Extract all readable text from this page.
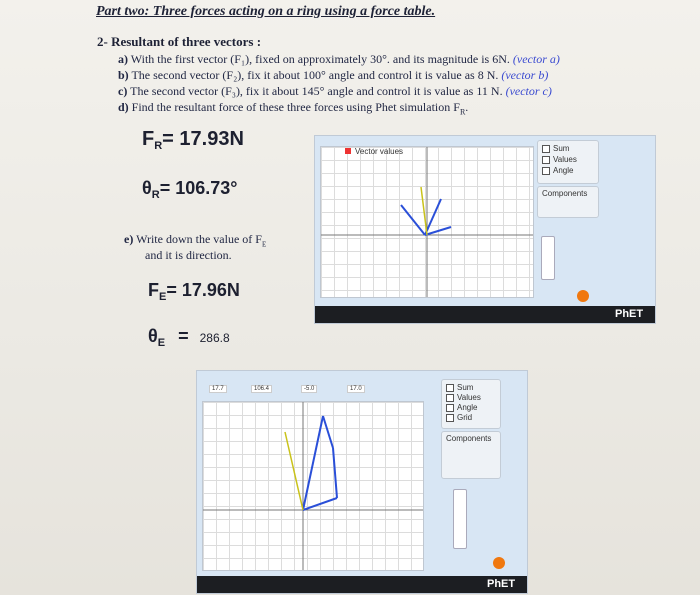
Part two: Three forces acting on a ring using a force table.
2- Resultant of three vectors :
a) With the first vector (F₁), fixed on approximately 30°. and its magnitude is 6N. (vector a)
b) The second vector (F₂), fix it about 100° angle and control it is value as 8 N. (vector b)
c) The second vector (F₃), fix it about 145° angle and control it is value as 11 N. (vector c)
d) Find the resultant force of these three forces using Phet simulation $F_R$.
$F_R= 17.93N$
$\theta_R= 106.73^\circ$
e) Write down the value of $F_E$
and it is direction.
$F_E= 17.96N$
$\theta_E = 286.8$
Vector values	Sum
Values
Angle
Components
PhET
17.7	106.4	-5.0	17.0	Sum
Values
Angle
Grid
Components
PhET
